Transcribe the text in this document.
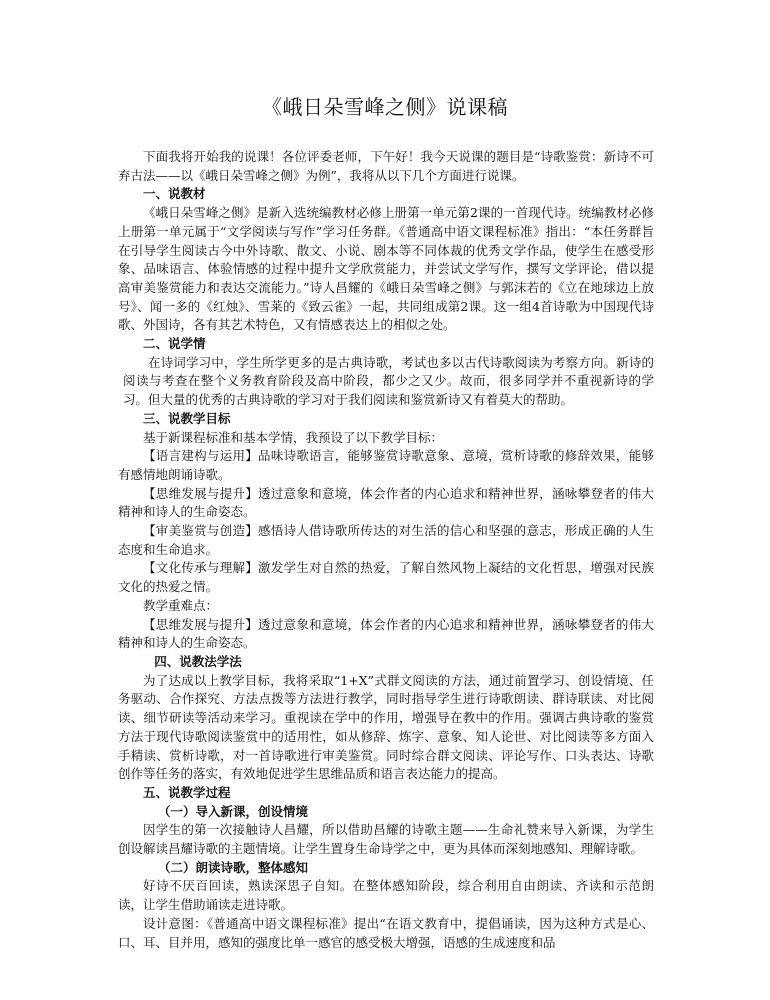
《峨日朵雪峰之侧》说课稿

下面我将开始我的说课！各位评委老师，下午好！我今天说课的题目是“诗歌鉴赏：新诗不可弃古法——以《峨日朵雪峰之侧》为例”，我将从以下几个方面进行说课。

一、说教材

《峨日朵雪峰之侧》是新入选统编教材必修上册第一单元第2课的一首现代诗。统编教材必修上册第一单元属于“文学阅读与写作”学习任务群。《普通高中语文课程标准》指出：“本任务群旨在引导学生阅读古今中外诗歌、散文、小说、剧本等不同体裁的优秀文学作品，使学生在感受形象、品味语言、体验情感的过程中提升文学欣赏能力，并尝试文学写作，撰写文学评论，借以提高审美鉴赏能力和表达交流能力。”诗人昌耀的《峨日朵雪峰之侧》与郭沫若的《立在地球边上放号》、闻一多的《红烛》、雪莱的《致云雀》一起，共同组成第2课。这一组4首诗歌为中国现代诗歌、外国诗，各有其艺术特色，又有情感表达上的相似之处。

二、说学情

在诗词学习中，学生所学更多的是古典诗歌，考试也多以古代诗歌阅读为考察方向。新诗的阅读与考查在整个义务教育阶段及高中阶段，都少之又少。故而，很多同学并不重视新诗的学习。但大量的优秀的古典诗歌的学习对于我们阅读和鉴赏新诗又有着莫大的帮助。

三、说教学目标

基于新课程标准和基本学情，我预设了以下教学目标：

【语言建构与运用】品味诗歌语言，能够鉴赏诗歌意象、意境，赏析诗歌的修辞效果，能够有感情地朗诵诗歌。

【思维发展与提升】透过意象和意境，体会作者的内心追求和精神世界，涵咏攀登者的伟大精神和诗人的生命姿态。

【审美鉴赏与创造】感悟诗人借诗歌所传达的对生活的信心和坚强的意志，形成正确的人生态度和生命追求。

【文化传承与理解】激发学生对自然的热爱，了解自然风物上凝结的文化哲思，增强对民族文化的热爱之情。

教学重难点：

【思维发展与提升】透过意象和意境，体会作者的内心追求和精神世界，涵咏攀登者的伟大精神和诗人的生命姿态。

四、说教法学法

为了达成以上教学目标，我将采取“1+X”式群文阅读的方法，通过前置学习、创设情境、任务驱动、合作探究、方法点拨等方法进行教学，同时指导学生进行诗歌朗读、群诗联读、对比阅读、细节研读等活动来学习。重视读在学中的作用，增强导在教中的作用。强调古典诗歌的鉴赏方法于现代诗歌阅读鉴赏中的适用性，如从修辞、炼字、意象、知人论世、对比阅读等多方面入手精读、赏析诗歌，对一首诗歌进行审美鉴赏。同时综合群文阅读、评论写作、口头表达、诗歌创作等任务的落实，有效地促进学生思维品质和语言表达能力的提高。

五、说教学过程
（一）导入新课，创设情境

因学生的第一次接触诗人昌耀，所以借助昌耀的诗歌主题——生命礼赞来导入新课，为学生创设解读昌耀诗歌的主题情境。让学生置身生命诗学之中，更为具体而深刻地感知、理解诗歌。

（二）朗读诗歌，整体感知

好诗不厌百回读，熟读深思子自知。在整体感知阶段，综合利用自由朗读、齐读和示范朗读，让学生借助诵读走进诗歌。

设计意图：《普通高中语文课程标准》提出“在语文教育中，提倡诵读，因为这种方式是心、口、耳、目并用，感知的强度比单一感官的感受极大增强，语感的生成速度和品
